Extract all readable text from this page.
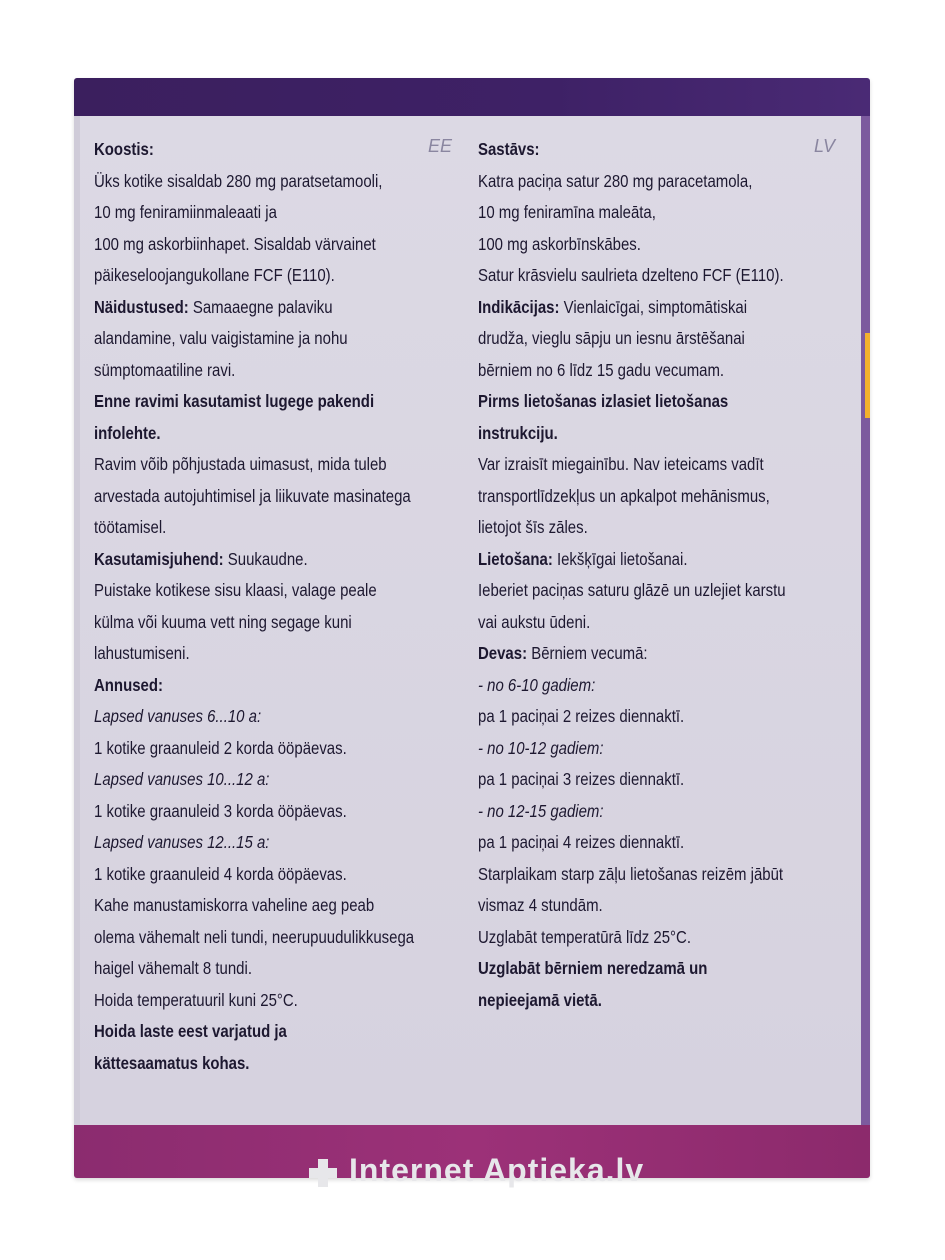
EE	LV
Koostis:
Üks kotike sisaldab 280 mg paratsetamooli,
10 mg feniramiinmaleaati ja
100 mg askorbiinhapet. Sisaldab värvainet
päikeseloojangukollane FCF (E110).
Näidustused: Samaaegne palaviku
alandamine, valu vaigistamine ja nohu
sümptomaatiline ravi.
Enne ravimi kasutamist lugege pakendi
infolehte.
Ravim võib põhjustada uimasust, mida tuleb
arvestada autojuhtimisel ja liikuvate masinatega
töötamisel.
Kasutamisjuhend: Suukaudne.
Puistake kotikese sisu klaasi, valage peale
külma või kuuma vett ning segage kuni
lahustumiseni.
Annused:
Lapsed vanuses 6...10 a:
1 kotike graanuleid 2 korda ööpäevas.
Lapsed vanuses 10...12 a:
1 kotike graanuleid 3 korda ööpäevas.
Lapsed vanuses 12...15 a:
1 kotike graanuleid 4 korda ööpäevas.
Kahe manustamiskorra vaheline aeg peab
olema vähemalt neli tundi, neerupuudulikkusega
haigel vähemalt 8 tundi.
Hoida temperatuuril kuni 25°C.
Hoida laste eest varjatud ja
kättesaamatus kohas.
Sastāvs:
Katra paciņa satur 280 mg paracetamola,
10 mg feniramīna maleāta,
100 mg askorbīnskābes.
Satur krāsvielu saulrieta dzelteno FCF (E110).
Indikācijas: Vienlaicīgai, simptomātiskai
drudža, vieglu sāpju un iesnu ārstēšanai
bērniem no 6 līdz 15 gadu vecumam.
Pirms lietošanas izlasiet lietošanas
instrukciju.
Var izraisīt miegainību. Nav ieteicams vadīt
transportlīdzekļus un apkalpot mehānismus,
lietojot šīs zāles.
Lietošana: Iekšķīgai lietošanai.
Ieberiet paciņas saturu glāzē un uzlejiet karstu
vai aukstu ūdeni.
Devas: Bērniem vecumā:
- no 6-10 gadiem:
pa 1 paciņai 2 reizes diennaktī.
- no 10-12 gadiem:
pa 1 paciņai 3 reizes diennaktī.
- no 12-15 gadiem:
pa 1 paciņai 4 reizes diennaktī.
Starplaikam starp zāļu lietošanas reizēm jābūt
vismaz 4 stundām.
Uzglabāt temperatūrā līdz 25°C.
Uzglabāt bērniem neredzamā un
nepieejamā vietā.
Internet Aptieka.lv
